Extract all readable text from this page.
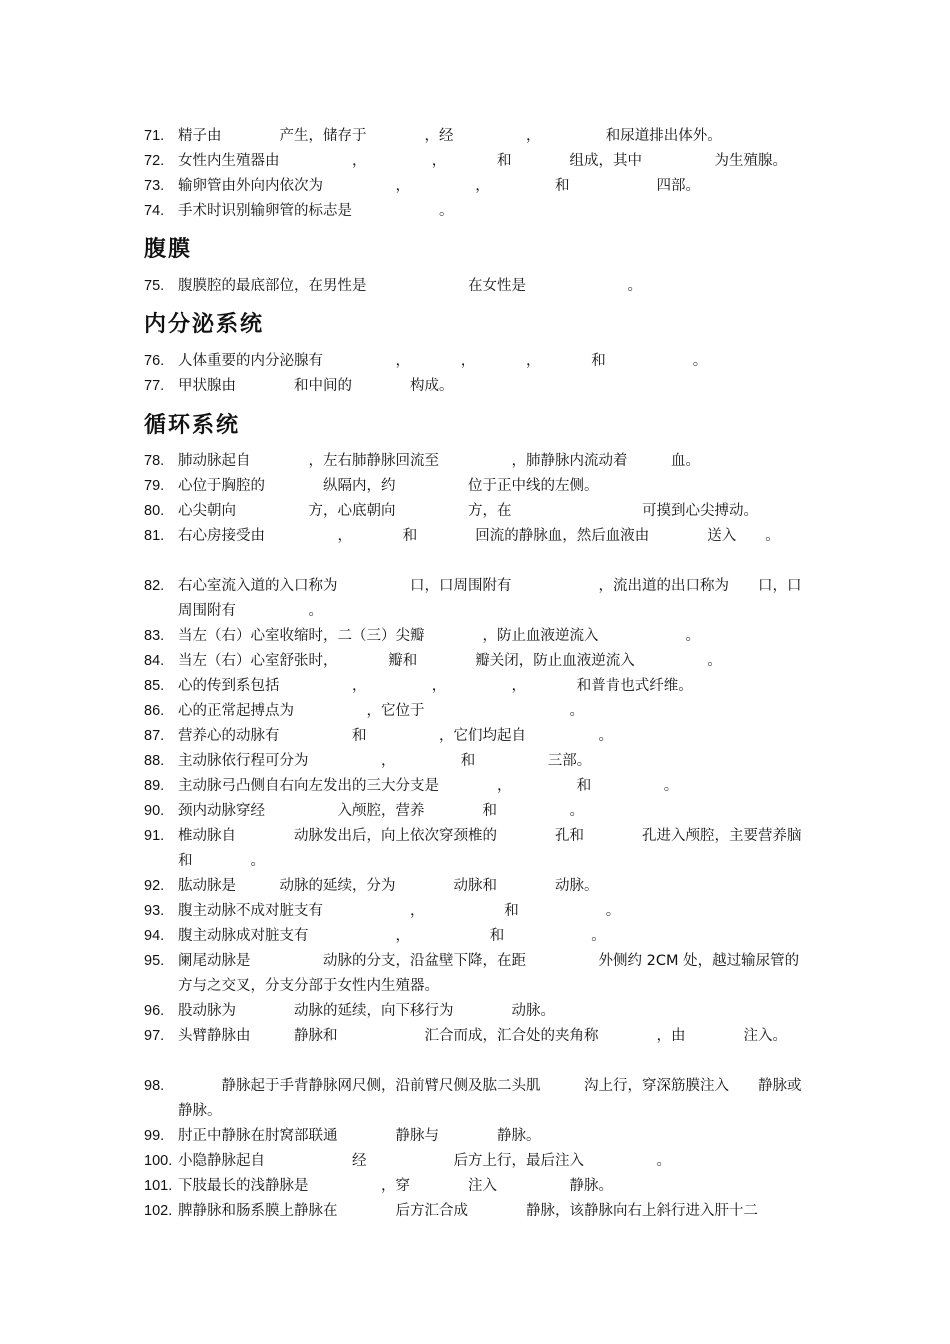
71. 精子由　　　　产生，储存于　　　　，经　　　　　，　　　　　和尿道排出体外。
72. 女性内生殖器由　　　　　，　　　　　，　　　　和　　　　组成，其中　　　　　为生殖腺。
73. 输卵管由外向内依次为　　　　　，　　　　　，　　　　　和　　　　　　四部。
74. 手术时识别输卵管的标志是　　　　　　。
腹膜
75. 腹膜腔的最底部位，在男性是　　　　　　　在女性是　　　　　　　。
内分泌系统
76. 人体重要的内分泌腺有　　　　　，　　　　，　　　　，　　　　和　　　　　　。
77. 甲状腺由　　　　和中间的　　　　构成。
循环系统
78. 肺动脉起自　　　　，左右肺静脉回流至　　　　　，肺静脉内流动着　　　血。
79. 心位于胸腔的　　　　纵隔内，约　　　　　位于正中线的左侧。
80. 心尖朝向　　　　　方，心底朝向　　　　　方，在　　　　　　　　　可摸到心尖搏动。
81. 右心房接受由　　　　　，　　　　和　　　　回流的静脉血，然后血液由　　　　送入　　。
82. 右心室流入道的入口称为　　　　　口，口周围附有　　　　　　，流出道的出口称为　　口，口周围附有　　　　　。
83. 当左（右）心室收缩时，二（三）尖瓣　　　　，防止血液逆流入　　　　　　。
84. 当左（右）心室舒张时，　　　　瓣和　　　　瓣关闭，防止血液逆流入　　　　　。
85. 心的传到系包括　　　　　，　　　　　，　　　　　，　　　　和普肯也式纤维。
86. 心的正常起搏点为　　　　　，它位于　　　　　　　　　　。
87. 营养心的动脉有　　　　　和　　　　　，它们均起自　　　　　。
88. 主动脉依行程可分为　　　　　，　　　　　和　　　　　三部。
89. 主动脉弓凸侧自右向左发出的三大分支是　　　　，　　　　　和　　　　　。
90. 颈内动脉穿经　　　　　入颅腔，营养　　　　和　　　　　。
91. 椎动脉自　　　　动脉发出后，向上依次穿颈椎的　　　　孔和　　　　孔进入颅腔，主要营养脑和　　　　。
92. 肱动脉是　　　动脉的延续，分为　　　　动脉和　　　　动脉。
93. 腹主动脉不成对脏支有　　　　　　，　　　　　　和　　　　　　。
94. 腹主动脉成对脏支有　　　　　　，　　　　　　和　　　　　　。
95. 阑尾动脉是　　　　　动脉的分支，沿盆壁下降，在距　　　　　外侧约 2CM 处，越过输尿管的　　　　方与之交叉，分支分部于女性内生殖器。
96. 股动脉为　　　　动脉的延续，向下移行为　　　　动脉。
97. 头臂静脉由　　　静脉和　　　　　　汇合而成，汇合处的夹角称　　　　，由　　　　注入。
98. 　　　静脉起于手背静脉网尺侧，沿前臂尺侧及肱二头肌　　　沟上行，穿深筋膜注入　　静脉或　　　　静脉。
99. 肘正中静脉在肘窝部联通　　　　静脉与　　　　静脉。
100. 小隐静脉起自　　　　　　经　　　　　　后方上行，最后注入　　　　　。
101. 下肢最长的浅静脉是　　　　　，穿　　　　注入　　　　　静脉。
102. 脾静脉和肠系膜上静脉在　　　　后方汇合成　　　　静脉，该静脉向右上斜行进入肝十二
